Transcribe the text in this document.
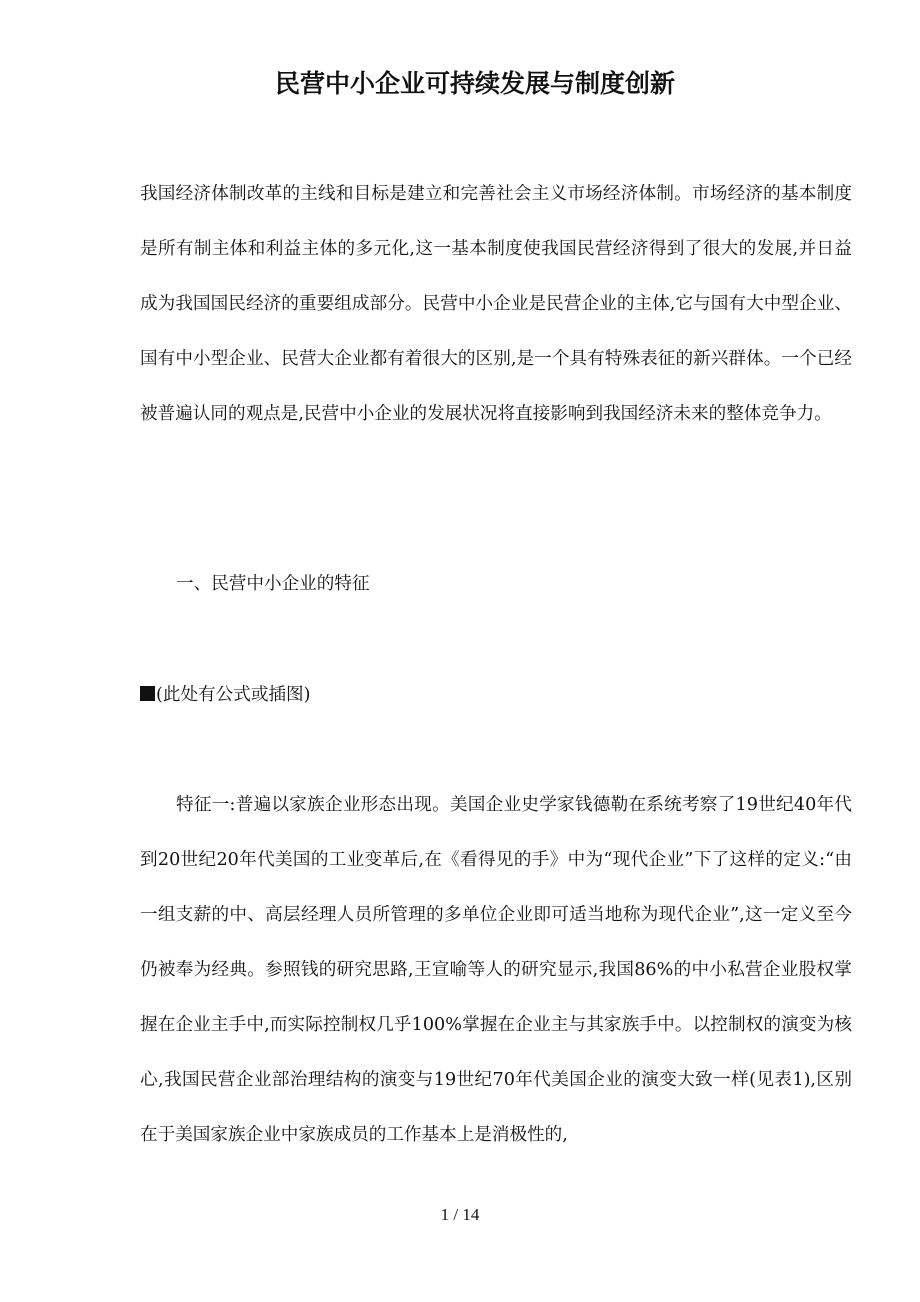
民营中小企业可持续发展与制度创新

我国经济体制改革的主线和目标是建立和完善社会主义市场经济体制。市场经济的基本制度是所有制主体和利益主体的多元化,这一基本制度使我国民营经济得到了很大的发展,并日益成为我国国民经济的重要组成部分。民营中小企业是民营企业的主体,它与国有大中型企业、国有中小型企业、民营大企业都有着很大的区别,是一个具有特殊表征的新兴群体。一个已经被普遍认同的观点是,民营中小企业的发展状况将直接影响到我国经济未来的整体竞争力。

一、民营中小企业的特征

(此处有公式或插图)

特征一:普遍以家族企业形态出现。美国企业史学家钱德勒在系统考察了19世纪40年代到20世纪20年代美国的工业变革后,在《看得见的手》中为“现代企业”下了这样的定义:“由一组支薪的中、高层经理人员所管理的多单位企业即可适当地称为现代企业”,这一定义至今仍被奉为经典。参照钱的研究思路,王宣喻等人的研究显示,我国86%的中小私营企业股权掌握在企业主手中,而实际控制权几乎100%掌握在企业主与其家族手中。以控制权的演变为核心,我国民营企业部治理结构的演变与19世纪70年代美国企业的演变大致一样(见表1),区别在于美国家族企业中家族成员的工作基本上是消极性的,

1 / 14
